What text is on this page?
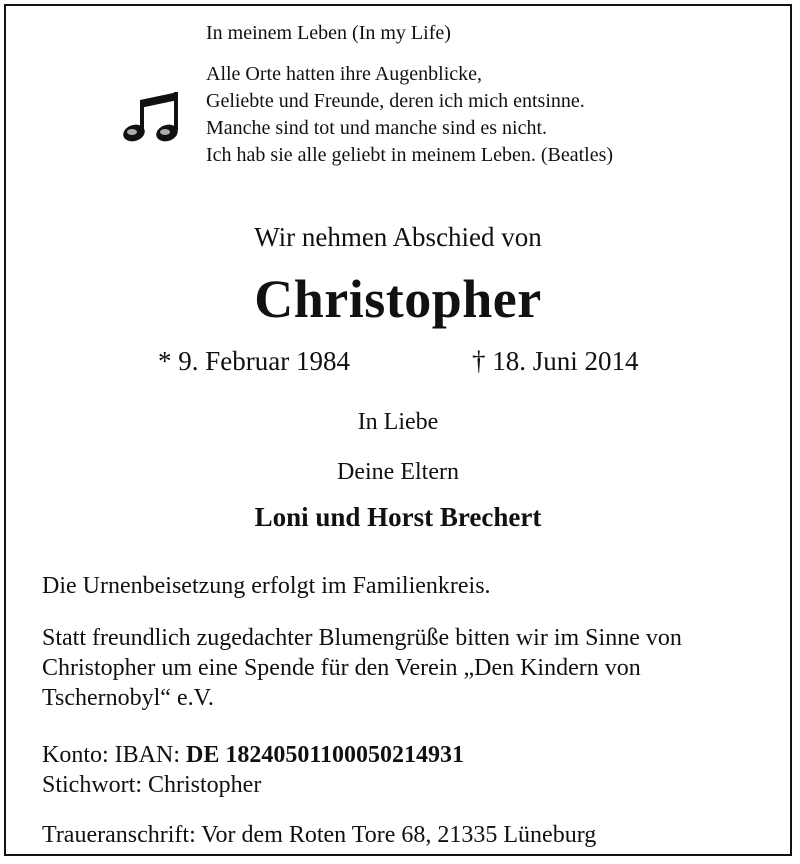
In meinem Leben (In my Life)
Alle Orte hatten ihre Augenblicke,
Geliebte und Freunde, deren ich mich entsinne.
Manche sind tot und manche sind es nicht.
Ich hab sie alle geliebt in meinem Leben. (Beatles)
Wir nehmen Abschied von
Christopher
* 9. Februar 1984	† 18. Juni 2014
In Liebe
Deine Eltern
Loni und Horst Brechert
Die Urnenbeisetzung erfolgt im Familienkreis.
Statt freundlich zugedachter Blumengrüße bitten wir im Sinne von Christopher um eine Spende für den Verein „Den Kindern von Tschernobyl“ e.V.
Konto: IBAN: DE 18240501100050214931
Stichwort: Christopher
Traueranschrift: Vor dem Roten Tore 68, 21335 Lüneburg
